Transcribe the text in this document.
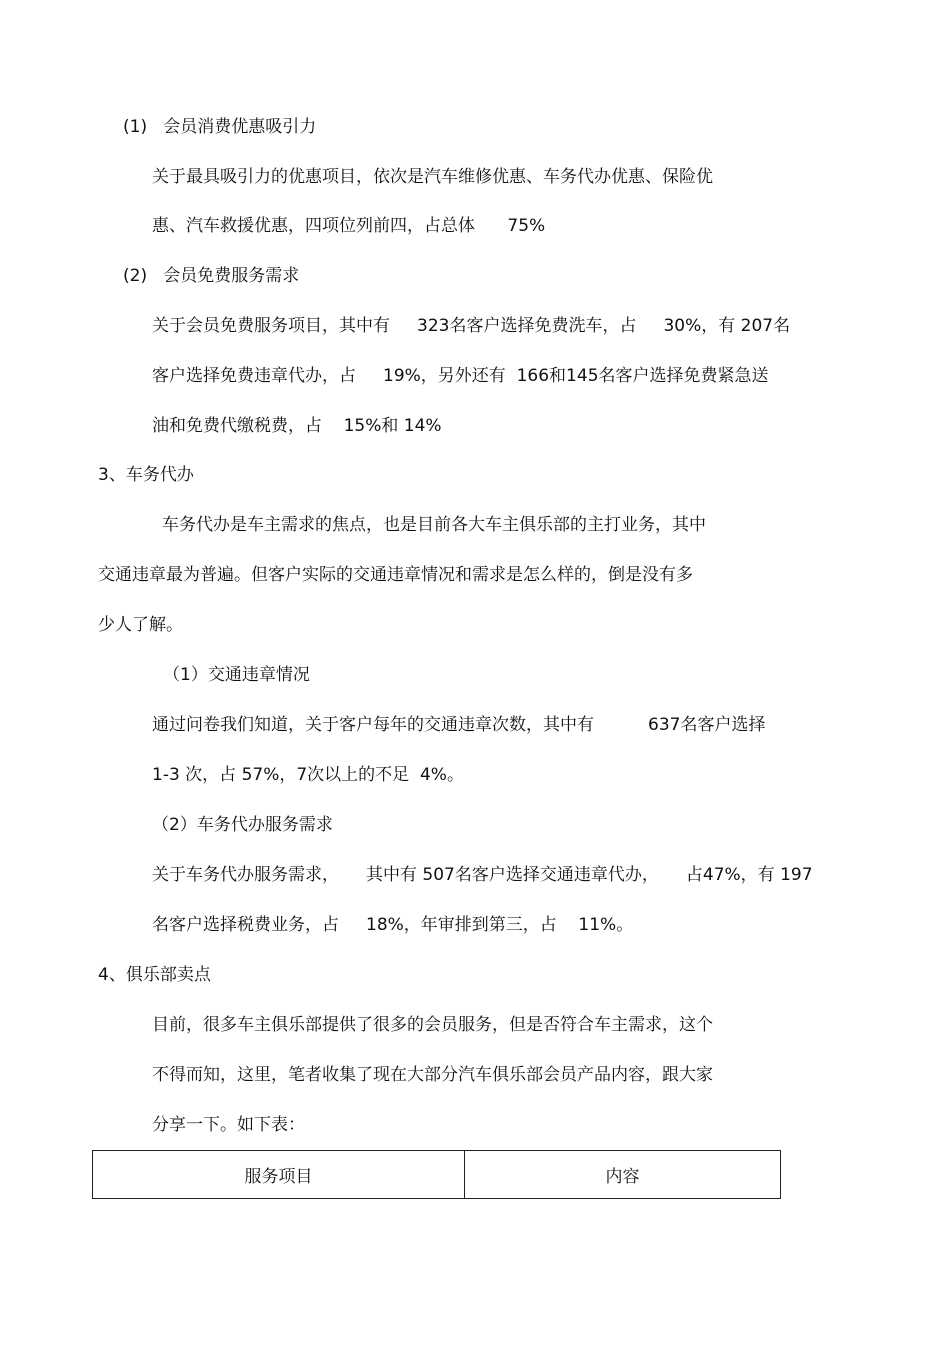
(1)   会员消费优惠吸引力
关于最具吸引力的优惠项目，依次是汽车维修优惠、车务代办优惠、保险优
惠、汽车救援优惠，四项位列前四，占总体      75%
(2)   会员免费服务需求
关于会员免费服务项目，其中有     323名客户选择免费洗车，占     30%，有 207名
客户选择免费违章代办，占     19%，另外还有  166和145名客户选择免费紧急送
油和免费代缴税费，占    15%和 14%
3、车务代办
车务代办是车主需求的焦点，也是目前各大车主俱乐部的主打业务，其中
交通违章最为普遍。但客户实际的交通违章情况和需求是怎么样的，倒是没有多
少人了解。
（1）交通违章情况
通过问卷我们知道，关于客户每年的交通违章次数，其中有          637名客户选择
1-3 次，占 57%，7次以上的不足  4%。
（2）车务代办服务需求
关于车务代办服务需求，     其中有 507名客户选择交通违章代办，     占47%，有 197
名客户选择税费业务，占     18%，年审排到第三，占    11%。
4、俱乐部卖点
目前，很多车主俱乐部提供了很多的会员服务，但是否符合车主需求，这个
不得而知，这里，笔者收集了现在大部分汽车俱乐部会员产品内容，跟大家
分享一下。如下表：
服务项目	内容
